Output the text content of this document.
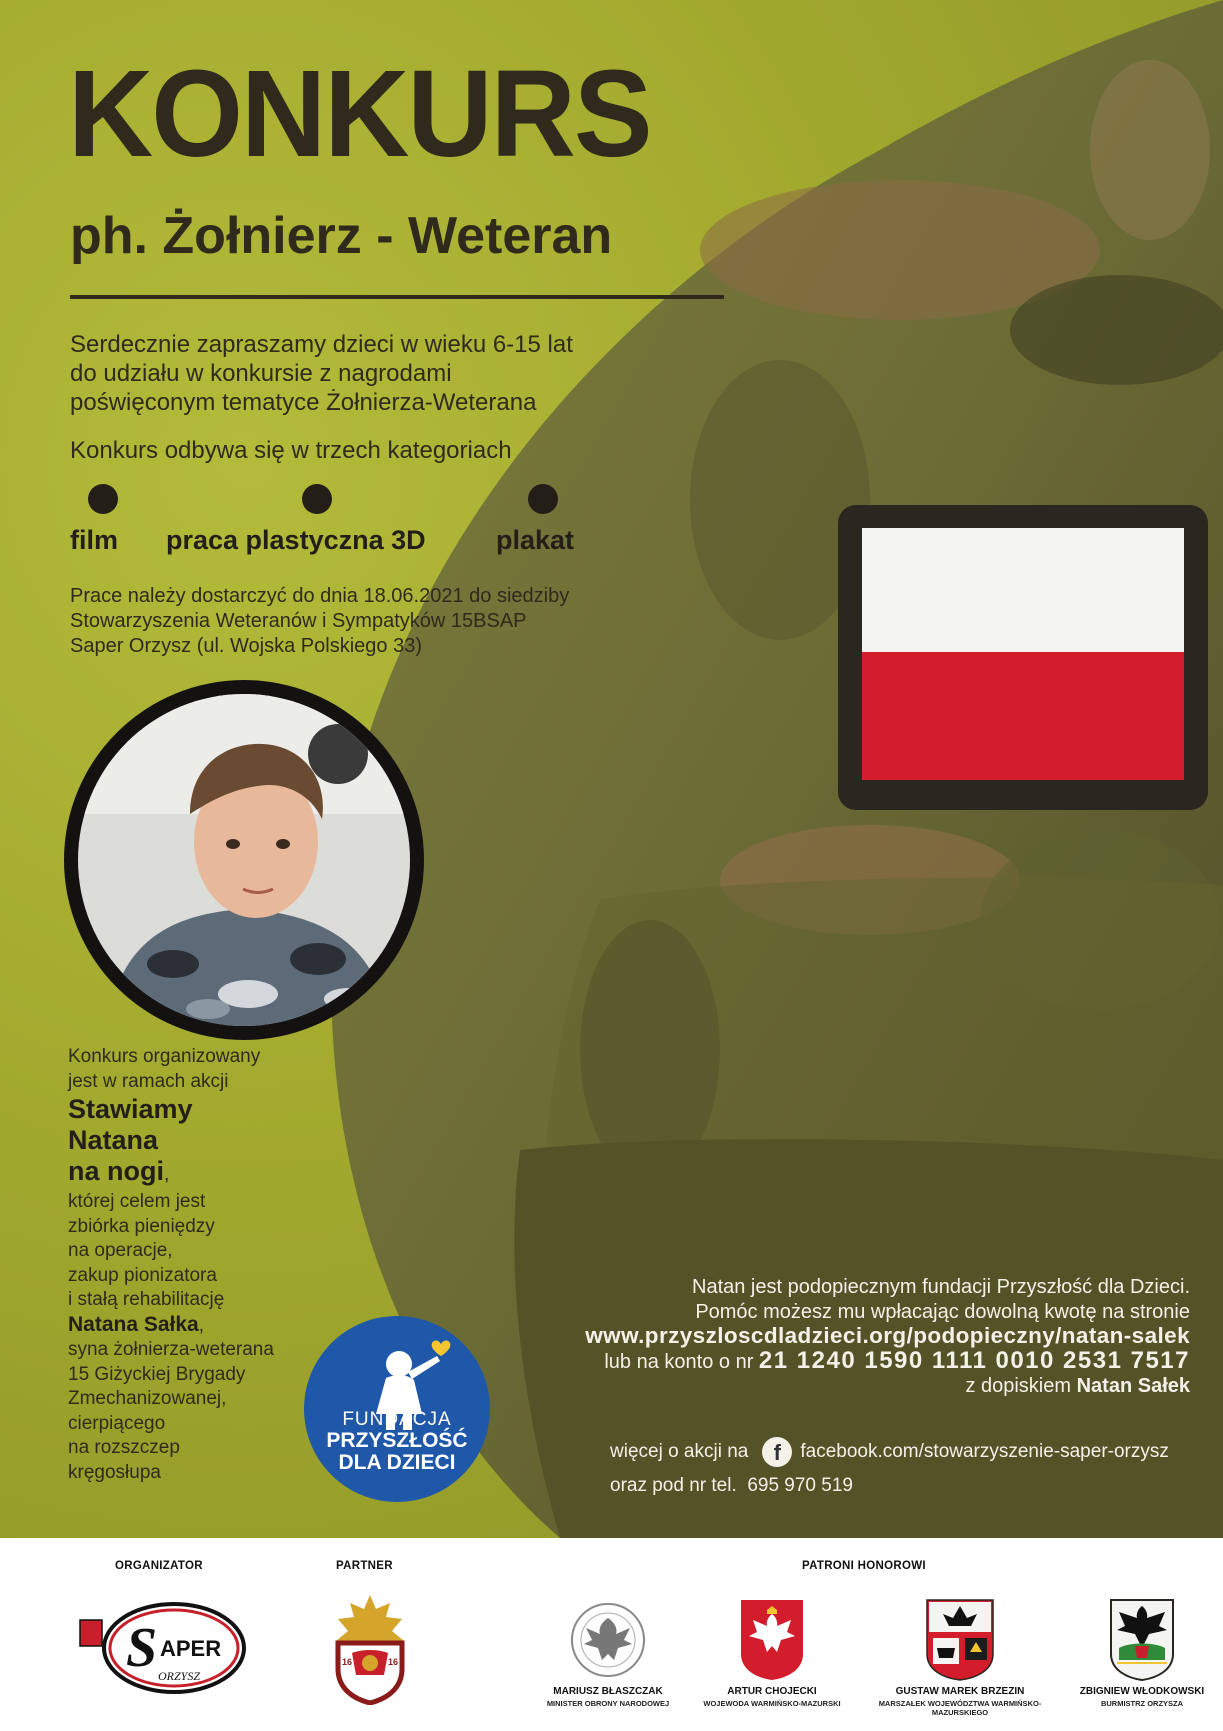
KONKURS
ph. Żołnierz - Weteran

Serdecznie zapraszamy dzieci w wieku 6-15 lat

do udziału w konkursie z nagrodami

poświęconym tematyce Żołnierza-Weterana

Konkurs odbywa się w trzech kategoriach
film praca plastyczna 3D	plakat

Prace należy dostarczyć do dnia 18.06.2021 do siedziby

Stowarzyszenia Weteranów i Sympatyków 15BSAP

Saper Orzysz (ul. Wojska Polskiego 33)

Konkurs organizowany
jest w ramach akcji
Stawiamy
Natana
na nogi,
której celem jest
zbiórka pieniędzy
na operacje,
zakup pionizatora
i stałą rehabilitację
Natana Sałka,
syna żołnierza-weterana
15 Giżyckiej Brygady
Zmechanizowanej,
cierpiącego
na rozszczep
kręgosłupa
FUNDACJA
PRZYSZŁOŚĆ
DLA DZIECI
Natan jest podopiecznym fundacji Przyszłość dla Dzieci.
Pomóc możesz mu wpłacając dowolną kwotę na stronie
www.przyszloscdladzieci.org/podopieczny/natan-salek
lub na konto o nr 21 1240 1590 1111 0010 2531 7517
z dopiskiem Natan Sałek
więcej o akcji na f facebook.com/stowarzyszenie-saper-orzysz
oraz pod nr tel. 695 970 519
ORGANIZATOR	PARTNER	PATRONI HONOROWI
S APER
ORZYSZ
16	16
MARIUSZ BŁASZCZAK
MINISTER OBRONY NARODOWEJ
ARTUR CHOJECKI
WOJEWODA WARMIŃSKO-MAZURSKI
GUSTAW MAREK BRZEZIN
MARSZAŁEK WOJEWÓDZTWA WARMIŃSKO-MAZURSKIEGO
ZBIGNIEW WŁODKOWSKI
BURMISTRZ ORZYSZA
